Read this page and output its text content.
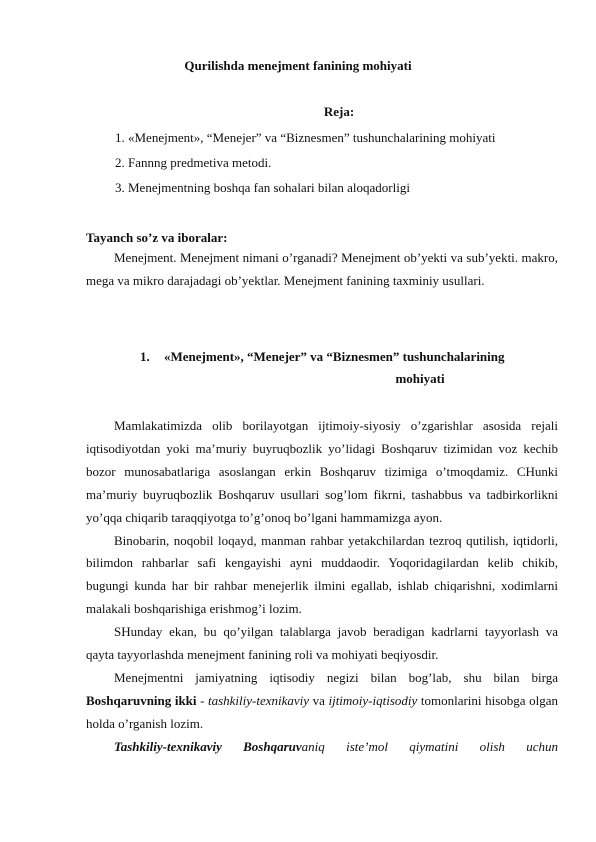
Qurilishda menejment fanining mohiyati
Reja:
1. «Menejment», “Menejer” va “Biznesmen” tushunchalarining mohiyati
2. Fannng predmetiva metodi.
3. Menejmentning boshqa fan sohalari bilan aloqadorligi
Tayanch so’z va iboralar:

Menejment. Menejment nimani o’rganadi? Menejment ob’yekti va sub’yekti. makro, mega va mikro darajadagi ob’yektlar. Menejment fanining taxminiy usullari.

1. «Menejment», “Menejer” va “Biznesmen” tushunchalarining
mohiyati

Mamlakatimizda olib borilayotgan ijtimoiy-siyosiy o’zgarishlar asosida rejali iqtisodiyotdan yoki ma’muriy buyruqbozlik yo’lidagi Boshqaruv tizimidan voz kechib bozor munosabatlariga asoslangan erkin Boshqaruv tizimiga o’tmoqdamiz. CHunki ma’muriy buyruqbozlik Boshqaruv usullari sog’lom fikrni, tashabbus va tadbirkorlikni yo’qqa chiqarib taraqqiyotga to’g’onoq bo’lgani hammamizga ayon.

Binobarin, noqobil loqayd, manman rahbar yetakchilardan tezroq qutilish, iqtidorli, bilimdon rahbarlar safi kengayishi ayni muddaodir. Yoqoridagilardan kelib chikib, bugungi kunda har bir rahbar menejerlik ilmini egallab, ishlab chiqarishni, xodimlarni malakali boshqarishiga erishmog’i lozim.

SHunday ekan, bu qo’yilgan talablarga javob beradigan kadrlarni tayyorlash va qayta tayyorlashda menejment fanining roli va mohiyati beqiyosdir.

Menejmentni jamiyatning iqtisodiy negizi bilan bog’lab, shu bilan birga Boshqaruvning ikki - tashkiliy-texnikaviy va ijtimoiy-iqtisodiy tomonlarini hisobga olgan holda o’rganish lozim.

Tashkiliy-texnikaviy Boshqaruvaniq iste’mol qiymatini olish uchun
